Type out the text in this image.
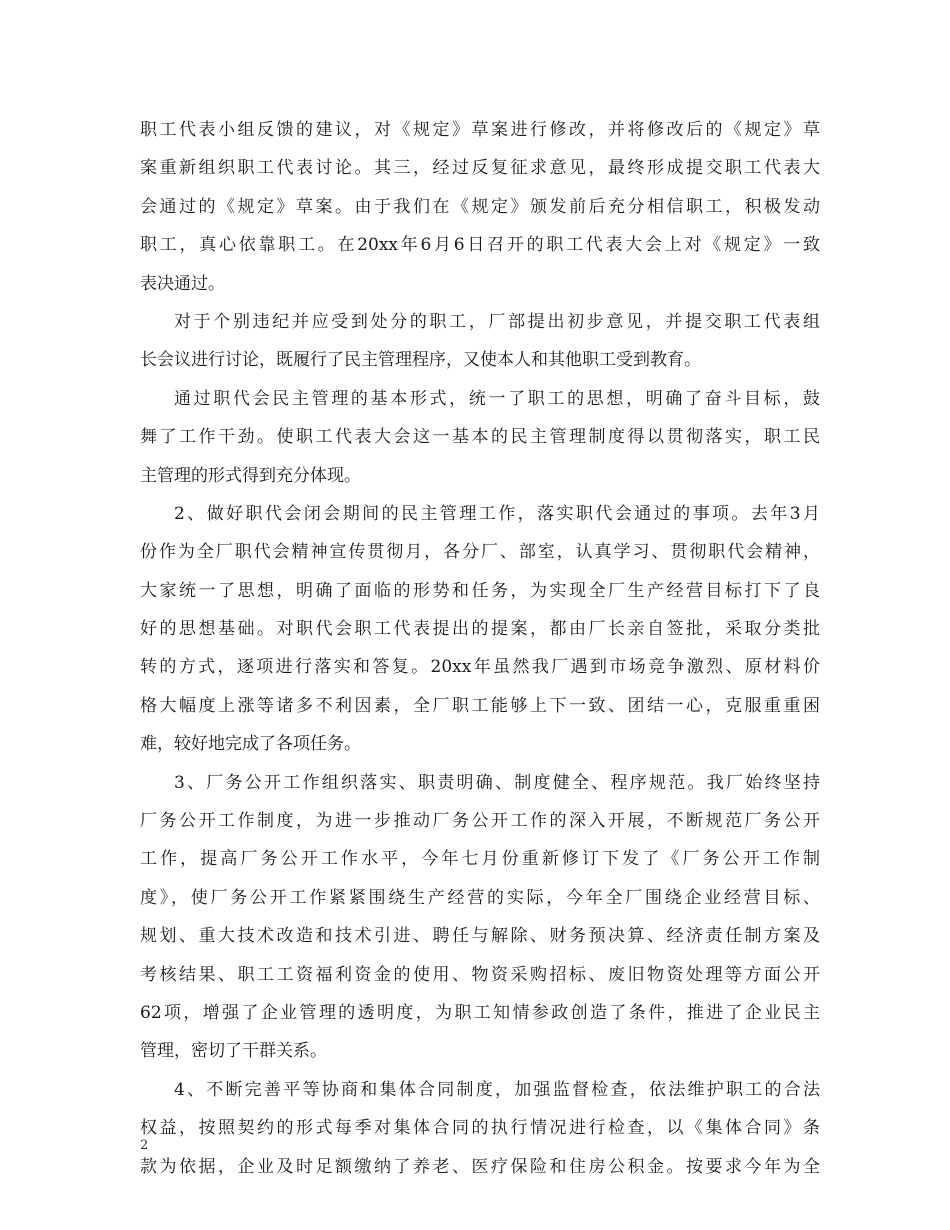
职工代表小组反馈的建议，对《规定》草案进行修改，并将修改后的《规定》草
案重新组织职工代表讨论。其三，经过反复征求意见，最终形成提交职工代表大
会通过的《规定》草案。由于我们在《规定》颁发前后充分相信职工，积极发动
职工，真心依靠职工。在20xx年6月6日召开的职工代表大会上对《规定》一致
表决通过。
对于个别违纪并应受到处分的职工，厂部提出初步意见，并提交职工代表组
长会议进行讨论，既履行了民主管理程序，又使本人和其他职工受到教育。
通过职代会民主管理的基本形式，统一了职工的思想，明确了奋斗目标，鼓
舞了工作干劲。使职工代表大会这一基本的民主管理制度得以贯彻落实，职工民
主管理的形式得到充分体现。
2、做好职代会闭会期间的民主管理工作，落实职代会通过的事项。去年3月
份作为全厂职代会精神宣传贯彻月，各分厂、部室，认真学习、贯彻职代会精神，
大家统一了思想，明确了面临的形势和任务，为实现全厂生产经营目标打下了良
好的思想基础。对职代会职工代表提出的提案，都由厂长亲自签批，采取分类批
转的方式，逐项进行落实和答复。20xx年虽然我厂遇到市场竞争激烈、原材料价
格大幅度上涨等诸多不利因素，全厂职工能够上下一致、团结一心，克服重重困
难，较好地完成了各项任务。
3、厂务公开工作组织落实、职责明确、制度健全、程序规范。我厂始终坚持
厂务公开工作制度，为进一步推动厂务公开工作的深入开展，不断规范厂务公开
工作，提高厂务公开工作水平，今年七月份重新修订下发了《厂务公开工作制
度》，使厂务公开工作紧紧围绕生产经营的实际，今年全厂围绕企业经营目标、
规划、重大技术改造和技术引进、聘任与解除、财务预决算、经济责任制方案及
考核结果、职工工资福利资金的使用、物资采购招标、废旧物资处理等方面公开
62项，增强了企业管理的透明度，为职工知情参政创造了条件，推进了企业民主
管理，密切了干群关系。
4、不断完善平等协商和集体合同制度，加强监督检查，依法维护职工的合法
权益，按照契约的形式每季对集体合同的执行情况进行检查，以《集体合同》条
款为依据，企业及时足额缴纳了养老、医疗保险和住房公积金。按要求今年为全
2
